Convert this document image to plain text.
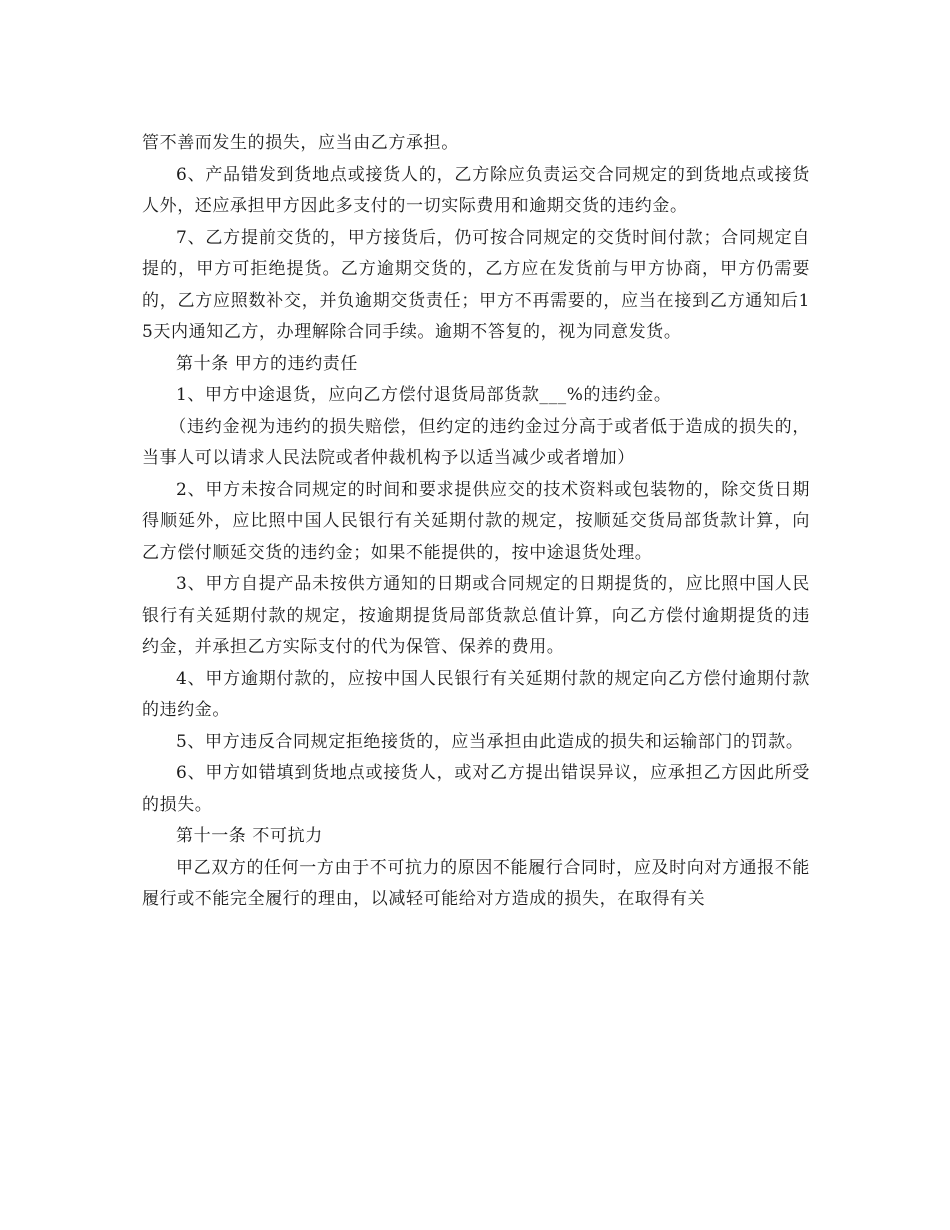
管不善而发生的损失，应当由乙方承担。

6、产品错发到货地点或接货人的，乙方除应负责运交合同规定的到货地点或接货人外，还应承担甲方因此多支付的一切实际费用和逾期交货的违约金。

7、乙方提前交货的，甲方接货后，仍可按合同规定的交货时间付款；合同规定自提的，甲方可拒绝提货。乙方逾期交货的，乙方应在发货前与甲方协商，甲方仍需要的，乙方应照数补交，并负逾期交货责任；甲方不再需要的，应当在接到乙方通知后15天内通知乙方，办理解除合同手续。逾期不答复的，视为同意发货。

第十条 甲方的违约责任

1、甲方中途退货，应向乙方偿付退货局部货款___%的违约金。

（违约金视为违约的损失赔偿，但约定的违约金过分高于或者低于造成的损失的，当事人可以请求人民法院或者仲裁机构予以适当减少或者增加）

2、甲方未按合同规定的时间和要求提供应交的技术资料或包装物的，除交货日期得顺延外，应比照中国人民银行有关延期付款的规定，按顺延交货局部货款计算，向乙方偿付顺延交货的违约金；如果不能提供的，按中途退货处理。

3、甲方自提产品未按供方通知的日期或合同规定的日期提货的，应比照中国人民银行有关延期付款的规定，按逾期提货局部货款总值计算，向乙方偿付逾期提货的违约金，并承担乙方实际支付的代为保管、保养的费用。

4、甲方逾期付款的，应按中国人民银行有关延期付款的规定向乙方偿付逾期付款的违约金。

5、甲方违反合同规定拒绝接货的，应当承担由此造成的损失和运输部门的罚款。

6、甲方如错填到货地点或接货人，或对乙方提出错误异议，应承担乙方因此所受的损失。

第十一条 不可抗力

甲乙双方的任何一方由于不可抗力的原因不能履行合同时，应及时向对方通报不能履行或不能完全履行的理由，以减轻可能给对方造成的损失，在取得有关
